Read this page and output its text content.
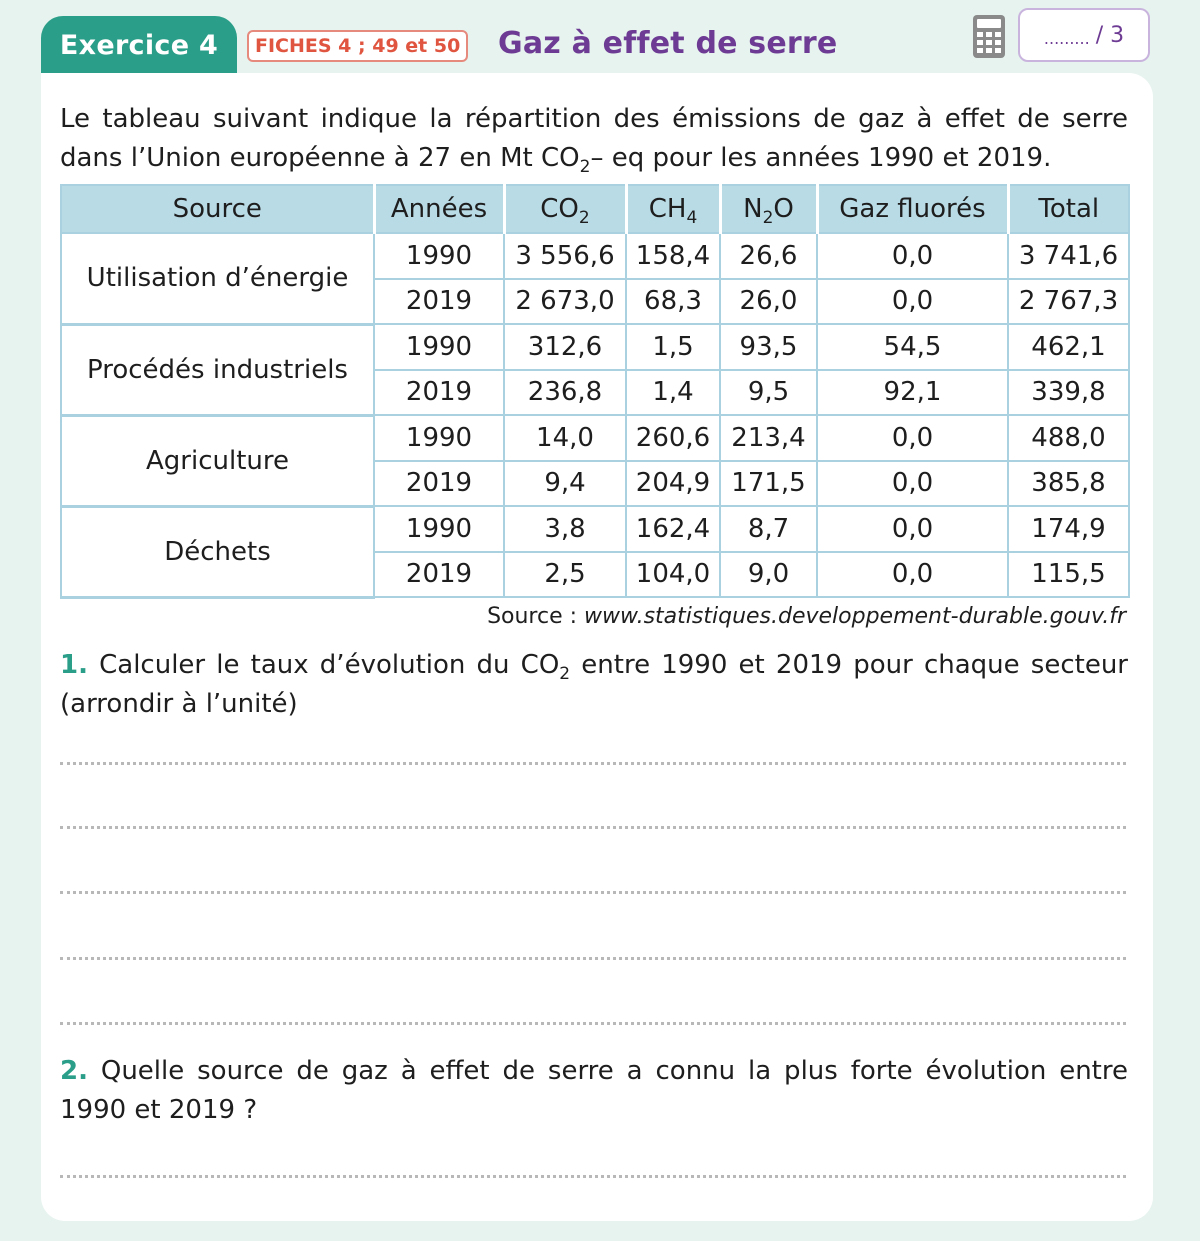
Exercice 4	FICHES 4 ; 49 et 50 Gaz à effet de serre	......... / 3

Le tableau suivant indique la répartition des émissions de gaz à effet de serre dans l’Union européenne à 27 en Mt $CO_2-$ eq pour les années 1990 et 2019.

Source	Années	$CO_2$	$CH_4$	$N_2O$	Gaz fluorés	Total
Utilisation d’énergie	1990	3 556,6	158,4	26,6	0,0	3 741,6
	2019	2 673,0	68,3	26,0	0,0	2 767,3
Procédés industriels	1990	312,6	1,5	93,5	54,5	462,1
	2019	236,8	1,4	9,5	92,1	339,8
Agriculture	1990	14,0	260,6	213,4	0,0	488,0
	2019	9,4	204,9	171,5	0,0	385,8
Déchets	1990	3,8	162,4	8,7	0,0	174,9
	2019	2,5	104,0	9,0	0,0	115,5
Source : www.statistiques.developpement-durable.gouv.fr

1. Calculer le taux d’évolution du $CO_2$ entre 1990 et 2019 pour chaque secteur (arrondir à l’unité)

2. Quelle source de gaz à effet de serre a connu la plus forte évolution entre 1990 et 2019 ?
